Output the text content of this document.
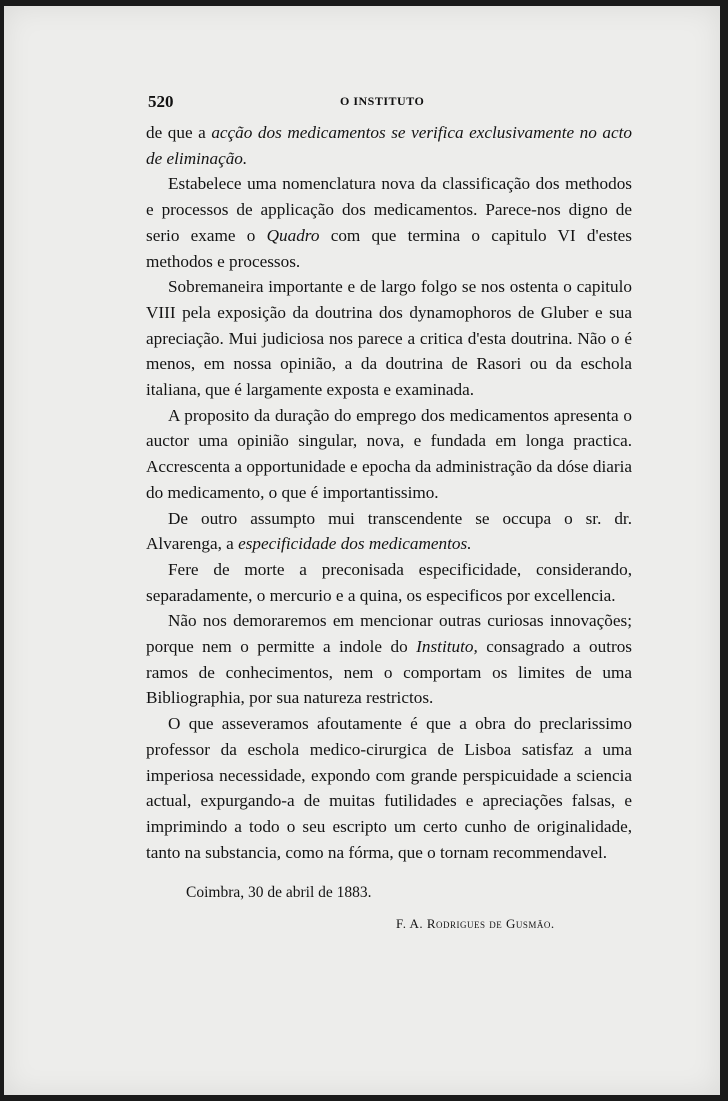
520	O INSTITUTO

de que a acção dos medicamentos se verifica exclusivamente no acto de eliminação.

Estabelece uma nomenclatura nova da classificação dos methodos e processos de applicação dos medicamentos. Parece-nos digno de serio exame o Quadro com que termina o capitulo VI d'estes methodos e processos.

Sobremaneira importante e de largo folgo se nos ostenta o capitulo VIII pela exposição da doutrina dos dynamophoros de Gluber e sua apreciação. Mui judiciosa nos parece a critica d'esta doutrina. Não o é menos, em nossa opinião, a da doutrina de Rasori ou da eschola italiana, que é largamente exposta e examinada.

A proposito da duração do emprego dos medicamentos apresenta o auctor uma opinião singular, nova, e fundada em longa practica. Accrescenta a opportunidade e epocha da administração da dóse diaria do medicamento, o que é importantissimo.

De outro assumpto mui transcendente se occupa o sr. dr. Alvarenga, a especificidade dos medicamentos.

Fere de morte a preconisada especificidade, considerando, separadamente, o mercurio e a quina, os especificos por excellencia.

Não nos demoraremos em mencionar outras curiosas innovações; porque nem o permitte a indole do Instituto, consagrado a outros ramos de conhecimentos, nem o comportam os limites de uma Bibliographia, por sua natureza restrictos.

O que asseveramos afoutamente é que a obra do preclarissimo professor da eschola medico-cirurgica de Lisboa satisfaz a uma imperiosa necessidade, expondo com grande perspicuidade a sciencia actual, expurgando-a de muitas futilidades e apreciações falsas, e imprimindo a todo o seu escripto um certo cunho de originalidade, tanto na substancia, como na fórma, que o tornam recommendavel.

Coimbra, 30 de abril de 1883.
F. A. Rodrigues de Gusmão.
